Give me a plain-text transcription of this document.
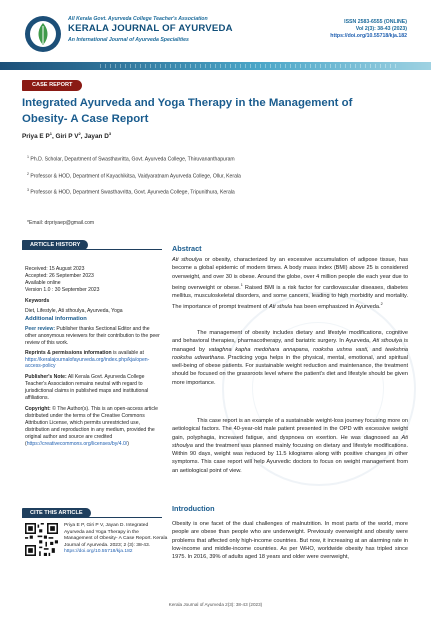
All Kerala Govt. Ayurveda College Teacher's Association
KERALA JOURNAL OF AYURVEDA
An International Journal of Ayurveda Specialities
ISSN 2583-6555 (ONLINE)
Vol 2(3): 38-43 (2023)
https://doi.org/10.55718/kja.182
CASE REPORT
Integrated Ayurveda and Yoga Therapy in the Management of
Obesity- A Case Report
Priya E $P^1$, Giri P $V^2$, Jayan $D^3$
$^1$ Ph.D. Scholar, Department of Swasthavritta, Govt. Ayurveda College, Thiruvananthapuram
$^2$ Professor & HOD, Department of Kayachikitsa, Vaidyaratnam Ayurveda College, Ollur, Kerala
$^3$ Professor & HOD, Department Swasthavritta, Govt. Ayurveda College, Tripunithura, Kerala
*Email: drpriyaep@gmail.com
ARTICLE HISTORY
Received: 15 August 2023
Accepted: 26 September 2023
Available online
Version 1.0 : 30 September 2023
Keywords
Diet, Lifestyle, Ati sthoulya, Ayurveda, Yoga
Additional information
Peer review: Publisher thanks Sectional Editor and the other anonymous reviewers for their contribution to the peer review of this work.
Reprints & permissions information is available at https://keralajournalofayurveda.org/index.php/kja/open-access-policy
Publisher's Note: All Kerala Govt. Ayurveda College Teacher's Association remains neutral with regard to jurisdictional claims in published maps and institutional affiliations.
Copyright: © The Author(s). This is an open-access article distributed under the terms of the Creative Commons Attribution License, which permits unrestricted use, distribution and reproduction in any medium, provided the original author and source are credited (https://creativecommons.org/licenses/by/4.0/)
CITE THIS ARTICLE
Priya E P, Giri P V, Jayan D. Integrated Ayurveda and Yoga Therapy in the Management of Obesity- A Case Report. Kerala Journal of Ayurveda. 2023; 2 (3): 38-43.
https://doi.org/10.55718/kja.182
Abstract
Ati sthoulya or obesity, characterized by an excessive accumulation of adipose tissue, has become a global epidemic of modern times. A body mass index (BMI) above 25 is considered overweight, and over 30 is obese. Around the globe, over 4 million people die each year due to being overweight or obese.$^1$ Raised BMI is a risk factor for cardiovascular diseases, diabetes mellitus, musculoskeletal disorders, and some cancers, leading to high morbidity and mortality. The importance of prompt treatment of Ati sthula has been emphasized in Ayurveda.$^2$
The management of obesity includes dietary and lifestyle modifications, cognitive and behavioral therapies, pharmacotherapy, and bariatric surgery. In Ayurveda, Ati sthoulya is managed by vataghna kapha medohara annapana, rooksha ushna vasti, and teekshna rooksha udwarthana. Practicing yoga helps in the physical, mental, emotional, and spiritual well-being of obese patients. For sustainable weight reduction and maintenance, the treatment should be focused on the grassroots level where the patient's diet and lifestyle should be given more importance.
This case report is an example of a sustainable weight-loss journey focusing more on aetiological factors. The 40-year-old male patient presented in the OPD with excessive weight gain, polyphagia, increased fatigue, and dyspnoea on exertion. He was diagnosed as Ati sthoulya and the treatment was planned mainly focusing on dietary and lifestyle modifications. Within 90 days, weight was reduced by 11.5 kilograms along with positive changes in other symptoms. This case report will help Ayurvedic doctors to focus on weight management from an aetiological point of view.
Introduction
Obesity is one facet of the dual challenges of malnutrition. In most parts of the world, more people are obese than people who are underweight. Previously overweight and obesity were problems that affected only high-income countries. But now, it increasing at an alarming rate in low-income and middle-income countries. As per WHO, worldwide obesity has tripled since 1975. In 2016, 39% of adults aged 18 years and older were overweight,
Kerala Journal of Ayurveda 2(3): 38-43 (2023)
